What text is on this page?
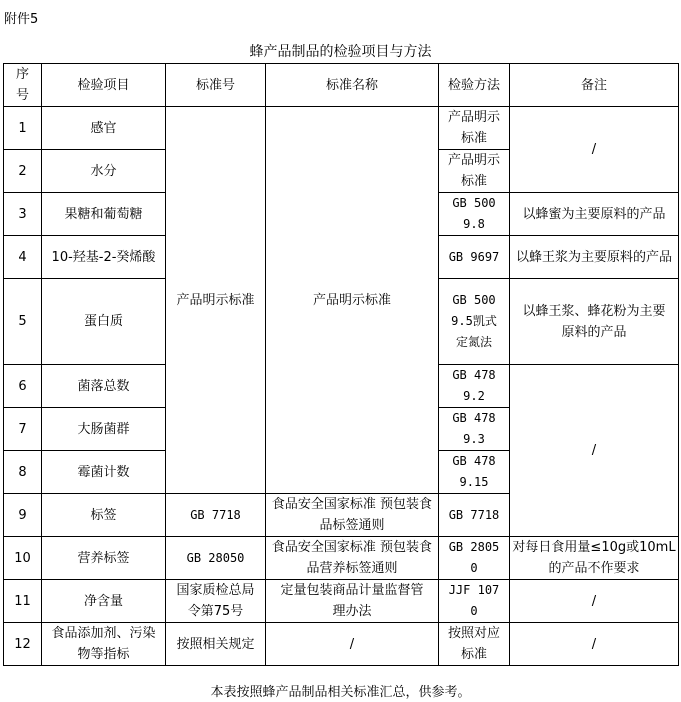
附件5
蜂产品制品的检验项目与方法
序号	检验项目	标准号	标准名称	检验方法	备注
1	感官	产品明示标准	产品明示标准	产品明示标准	/
2	水分			产品明示标准	
3	果糖和葡萄糖			GB 5009.8	以蜂蜜为主要原料的产品
4	10-羟基-2-癸烯酸			GB 9697	以蜂王浆为主要原料的产品
5	蛋白质			GB 5009.5凯式定氮法	以蜂王浆、蜂花粉为主要原料的产品
6	菌落总数			GB 4789.2	/
7	大肠菌群			GB 4789.3	
8	霉菌计数			GB 4789.15	
9	标签	GB 7718	食品安全国家标准 预包装食品标签通则	GB 7718	
10	营养标签	GB 28050	食品安全国家标准 预包装食品营养标签通则	GB 28050	对每日食用量≤10g或10mL的产品不作要求
11	净含量	国家质检总局令第75号	定量包装商品计量监督管理办法	JJF 1070	/
12	食品添加剂、污染物等指标	按照相关规定	/	按照对应标准	/
本表按照蜂产品制品相关标准汇总，供参考。
